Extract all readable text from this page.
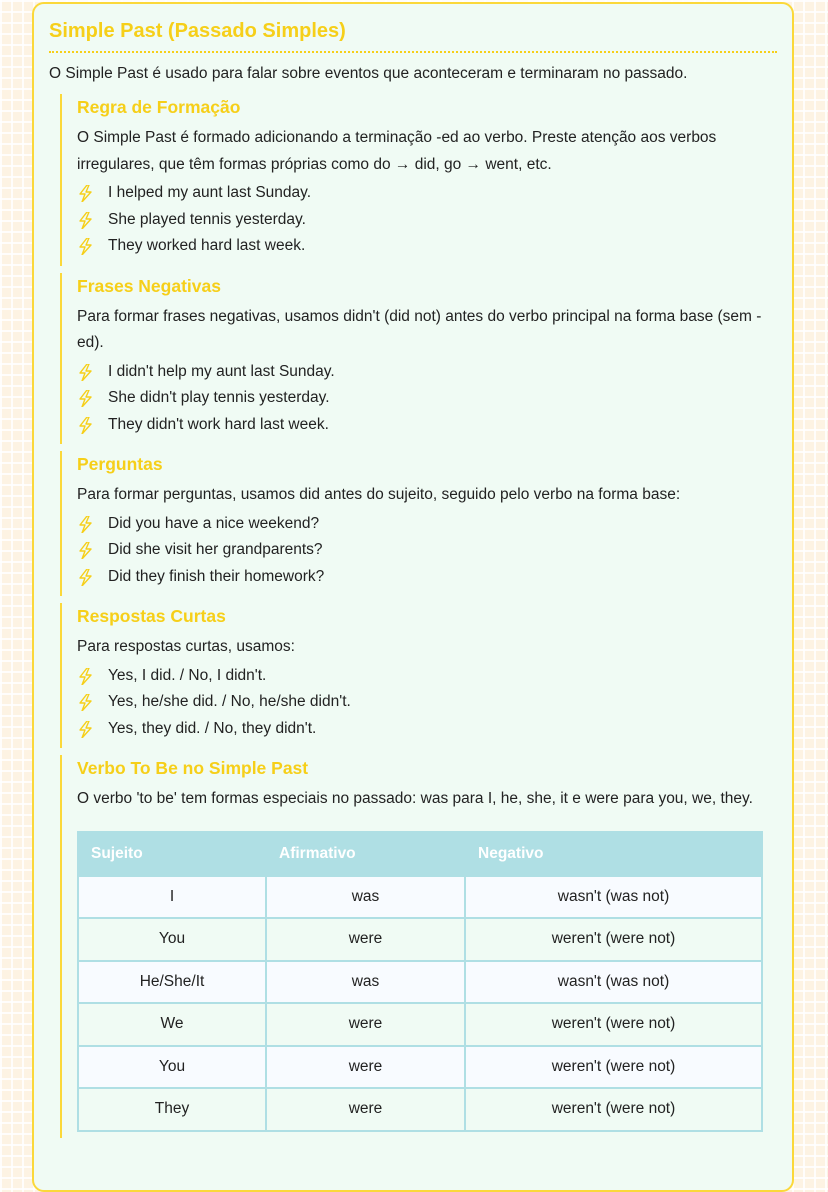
Simple Past (Passado Simples)

O Simple Past é usado para falar sobre eventos que aconteceram e terminaram no passado.

Regra de Formação

O Simple Past é formado adicionando a terminação -ed ao verbo. Preste atenção aos verbos irregulares, que têm formas próprias como do → did, go → went, etc.

I helped my aunt last Sunday.
She played tennis yesterday.
They worked hard last week.
Frases Negativas

Para formar frases negativas, usamos didn't (did not) antes do verbo principal na forma base (sem -ed).

I didn't help my aunt last Sunday.
She didn't play tennis yesterday.
They didn't work hard last week.
Perguntas

Para formar perguntas, usamos did antes do sujeito, seguido pelo verbo na forma base:

Did you have a nice weekend?
Did she visit her grandparents?
Did they finish their homework?
Respostas Curtas

Para respostas curtas, usamos:

Yes, I did. / No, I didn't.
Yes, he/she did. / No, he/she didn't.
Yes, they did. / No, they didn't.
Verbo To Be no Simple Past

O verbo 'to be' tem formas especiais no passado: was para I, he, she, it e were para you, we, they.

Sujeito	Afirmativo	Negativo
I	was	wasn't (was not)
You	were	weren't (were not)
He/She/It	was	wasn't (was not)
We	were	weren't (were not)
You	were	weren't (were not)
They	were	weren't (were not)
